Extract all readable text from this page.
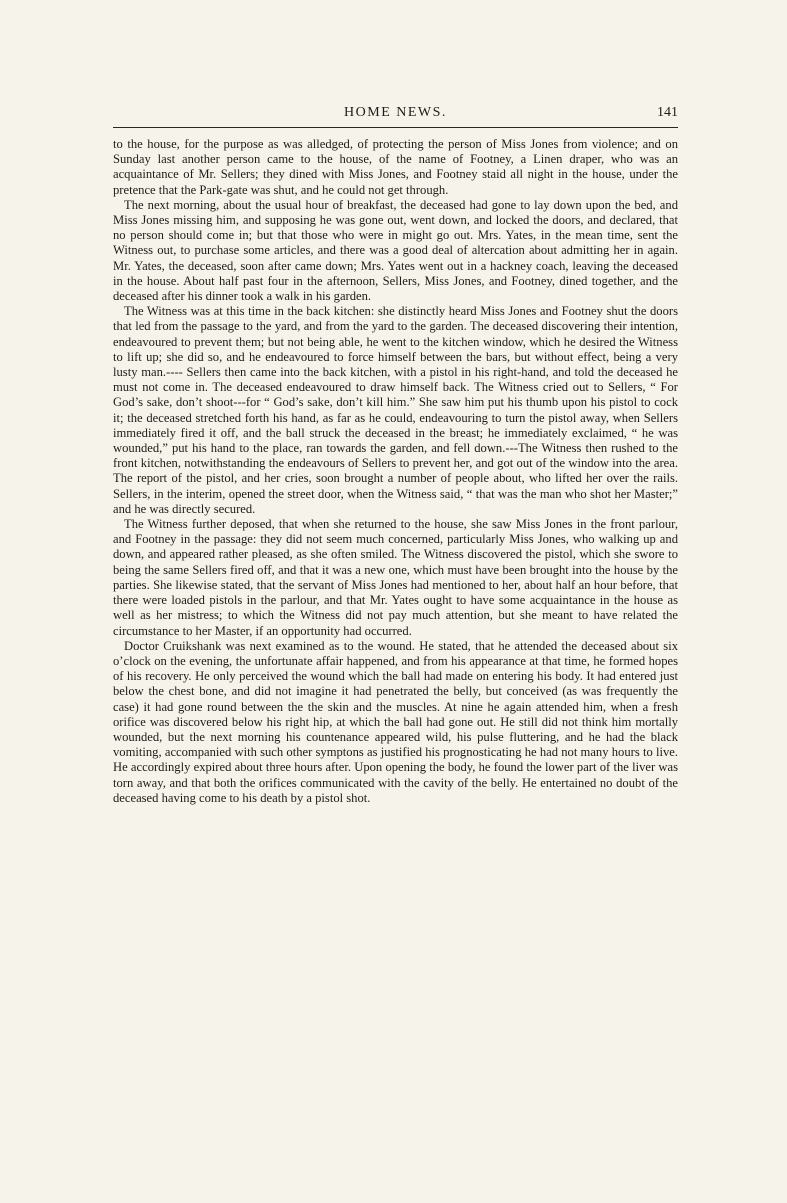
HOME NEWS.	141

to the house, for the purpose as was alledged, of protecting the person of Miss Jones from violence; and on Sunday last another person came to the house, of the name of Footney, a Linen draper, who was an acquaintance of Mr. Sellers; they dined with Miss Jones, and Footney staid all night in the house, under the pretence that the Park-gate was shut, and he could not get through.

The next morning, about the usual hour of breakfast, the deceased had gone to lay down upon the bed, and Miss Jones missing him, and supposing he was gone out, went down, and locked the doors, and declared, that no person should come in; but that those who were in might go out. Mrs. Yates, in the mean time, sent the Witness out, to purchase some articles, and there was a good deal of altercation about admitting her in again. Mr. Yates, the deceased, soon after came down; Mrs. Yates went out in a hackney coach, leaving the deceased in the house. About half past four in the afternoon, Sellers, Miss Jones, and Footney, dined together, and the deceased after his dinner took a walk in his garden.

The Witness was at this time in the back kitchen: she distinctly heard Miss Jones and Footney shut the doors that led from the passage to the yard, and from the yard to the garden. The deceased discovering their intention, endeavoured to prevent them; but not being able, he went to the kitchen window, which he desired the Witness to lift up; she did so, and he endeavoured to force himself between the bars, but without effect, being a very lusty man.---- Sellers then came into the back kitchen, with a pistol in his right-hand, and told the deceased he must not come in. The deceased endeavoured to draw himself back. The Witness cried out to Sellers, “ For God’s sake, don’t shoot---for “ God’s sake, don’t kill him.” She saw him put his thumb upon his pistol to cock it; the deceased stretched forth his hand, as far as he could, endeavouring to turn the pistol away, when Sellers immediately fired it off, and the ball struck the deceased in the breast; he immediately exclaimed, “ he was wounded,” put his hand to the place, ran towards the garden, and fell down.---The Witness then rushed to the front kitchen, notwithstanding the endeavours of Sellers to prevent her, and got out of the window into the area. The report of the pistol, and her cries, soon brought a number of people about, who lifted her over the rails. Sellers, in the interim, opened the street door, when the Witness said, “ that was the man who shot her Master;” and he was directly secured.

The Witness further deposed, that when she returned to the house, she saw Miss Jones in the front parlour, and Footney in the passage: they did not seem much concerned, particularly Miss Jones, who walking up and down, and appeared rather pleased, as she often smiled. The Witness discovered the pistol, which she swore to being the same Sellers fired off, and that it was a new one, which must have been brought into the house by the parties. She likewise stated, that the servant of Miss Jones had mentioned to her, about half an hour before, that there were loaded pistols in the parlour, and that Mr. Yates ought to have some acquaintance in the house as well as her mistress; to which the Witness did not pay much attention, but she meant to have related the circumstance to her Master, if an opportunity had occurred.

Doctor Cruikshank was next examined as to the wound. He stated, that he attended the deceased about six o’clock on the evening, the unfortunate affair happened, and from his appearance at that time, he formed hopes of his recovery. He only perceived the wound which the ball had made on entering his body. It had entered just below the chest bone, and did not imagine it had penetrated the belly, but conceived (as was frequently the case) it had gone round between the the skin and the muscles. At nine he again attended him, when a fresh orifice was discovered below his right hip, at which the ball had gone out. He still did not think him mortally wounded, but the next morning his countenance appeared wild, his pulse fluttering, and he had the black vomiting, accompanied with such other symptons as justified his prognosticating he had not many hours to live. He accordingly expired about three hours after. Upon opening the body, he found the lower part of the liver was torn away, and that both the orifices communicated with the cavity of the belly. He entertained no doubt of the deceased having come to his death by a pistol shot.
